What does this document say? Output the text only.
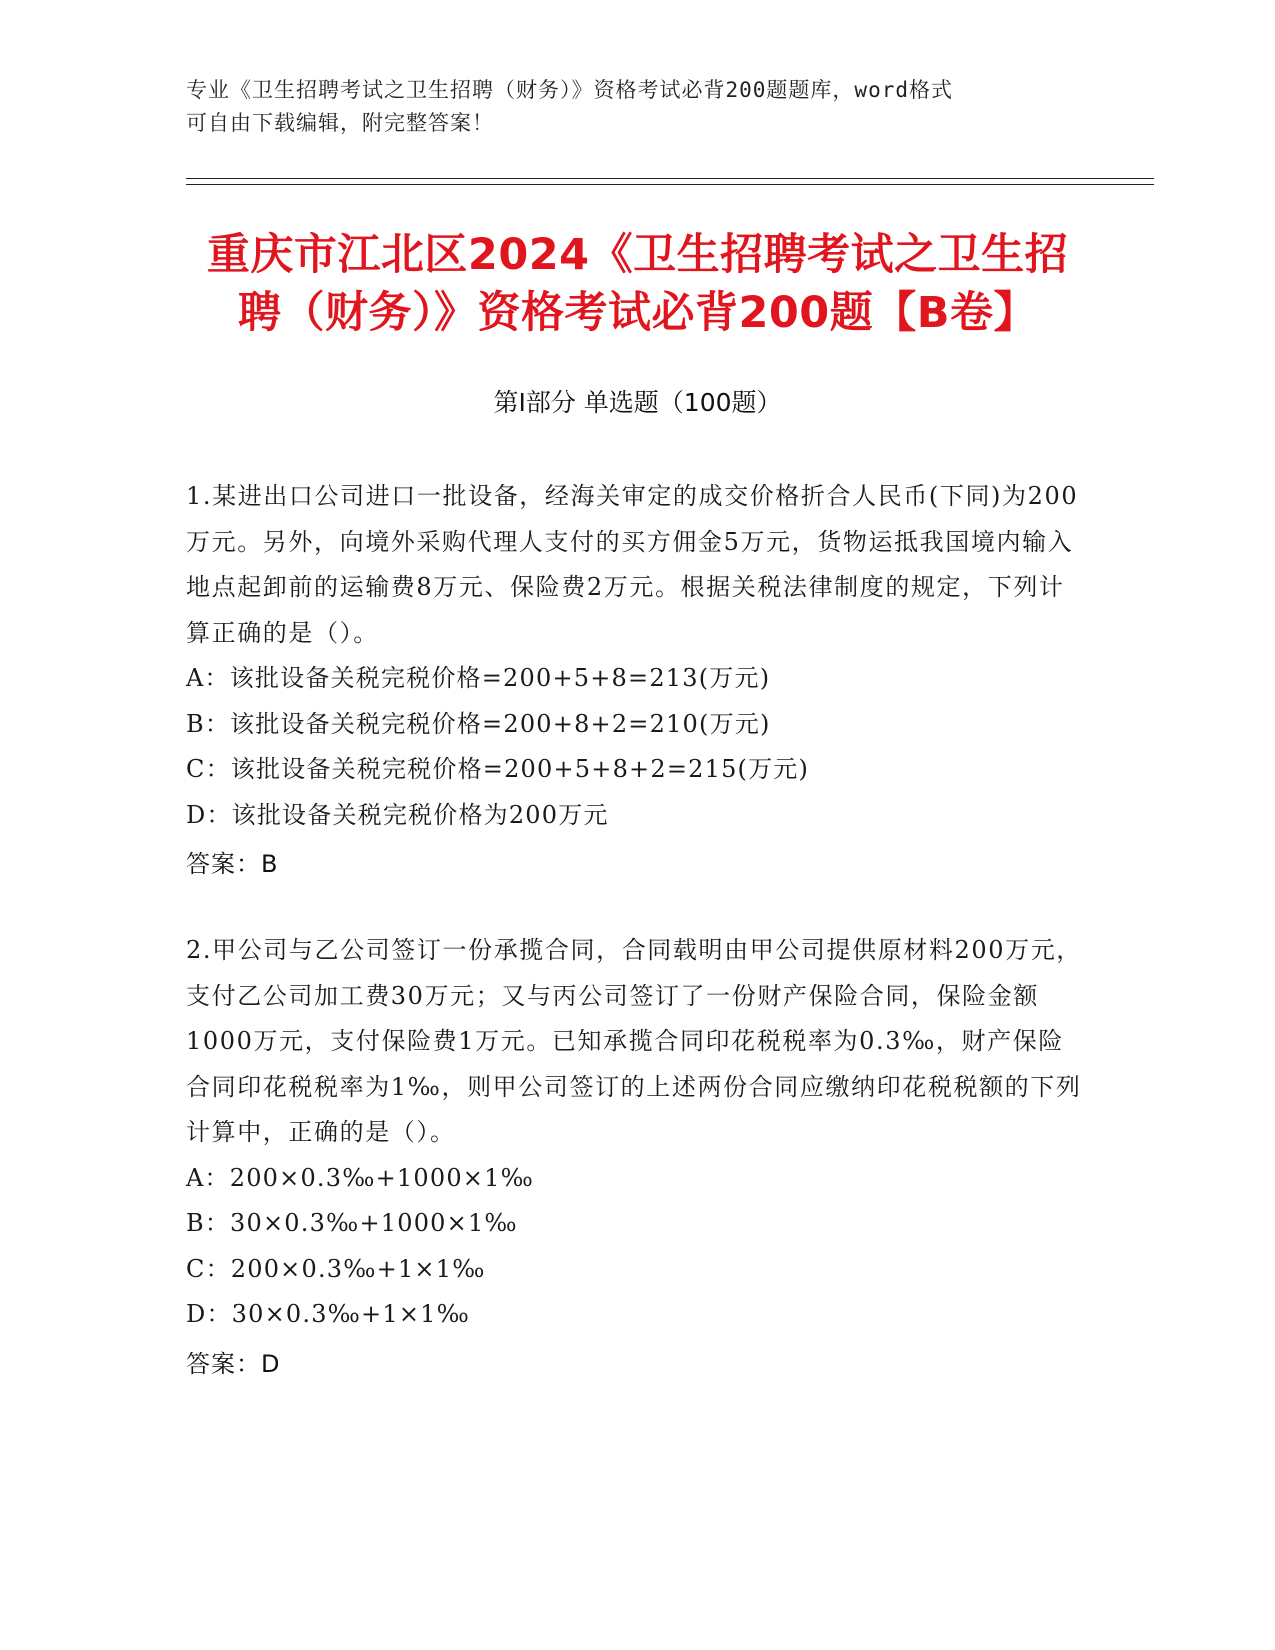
专业《卫生招聘考试之卫生招聘（财务）》资格考试必背200题题库，word格式
可自由下载编辑，附完整答案！
重庆市江北区2024《卫生招聘考试之卫生招
聘（财务）》资格考试必背200题【B卷】
第Ⅰ部分 单选题（100题）

1.某进出口公司进口一批设备，经海关审定的成交价格折合人民币(下同)为200万元。另外，向境外采购代理人支付的买方佣金5万元，货物运抵我国境内输入地点起卸前的运输费8万元、保险费2万元。根据关税法律制度的规定，下列计算正确的是（）。

A：该批设备关税完税价格=200+5+8=213(万元)
B：该批设备关税完税价格=200+8+2=210(万元)
C：该批设备关税完税价格=200+5+8+2=215(万元)
D：该批设备关税完税价格为200万元
答案：B

2.甲公司与乙公司签订一份承揽合同，合同载明由甲公司提供原材料200万元，支付乙公司加工费30万元；又与丙公司签订了一份财产保险合同，保险金额1000万元，支付保险费1万元。已知承揽合同印花税税率为0.3‰，财产保险合同印花税税率为1‰，则甲公司签订的上述两份合同应缴纳印花税税额的下列计算中，正确的是（）。

A：200×0.3‰+1000×1‰
B：30×0.3‰+1000×1‰
C：200×0.3‰+1×1‰
D：30×0.3‰+1×1‰
答案：D
